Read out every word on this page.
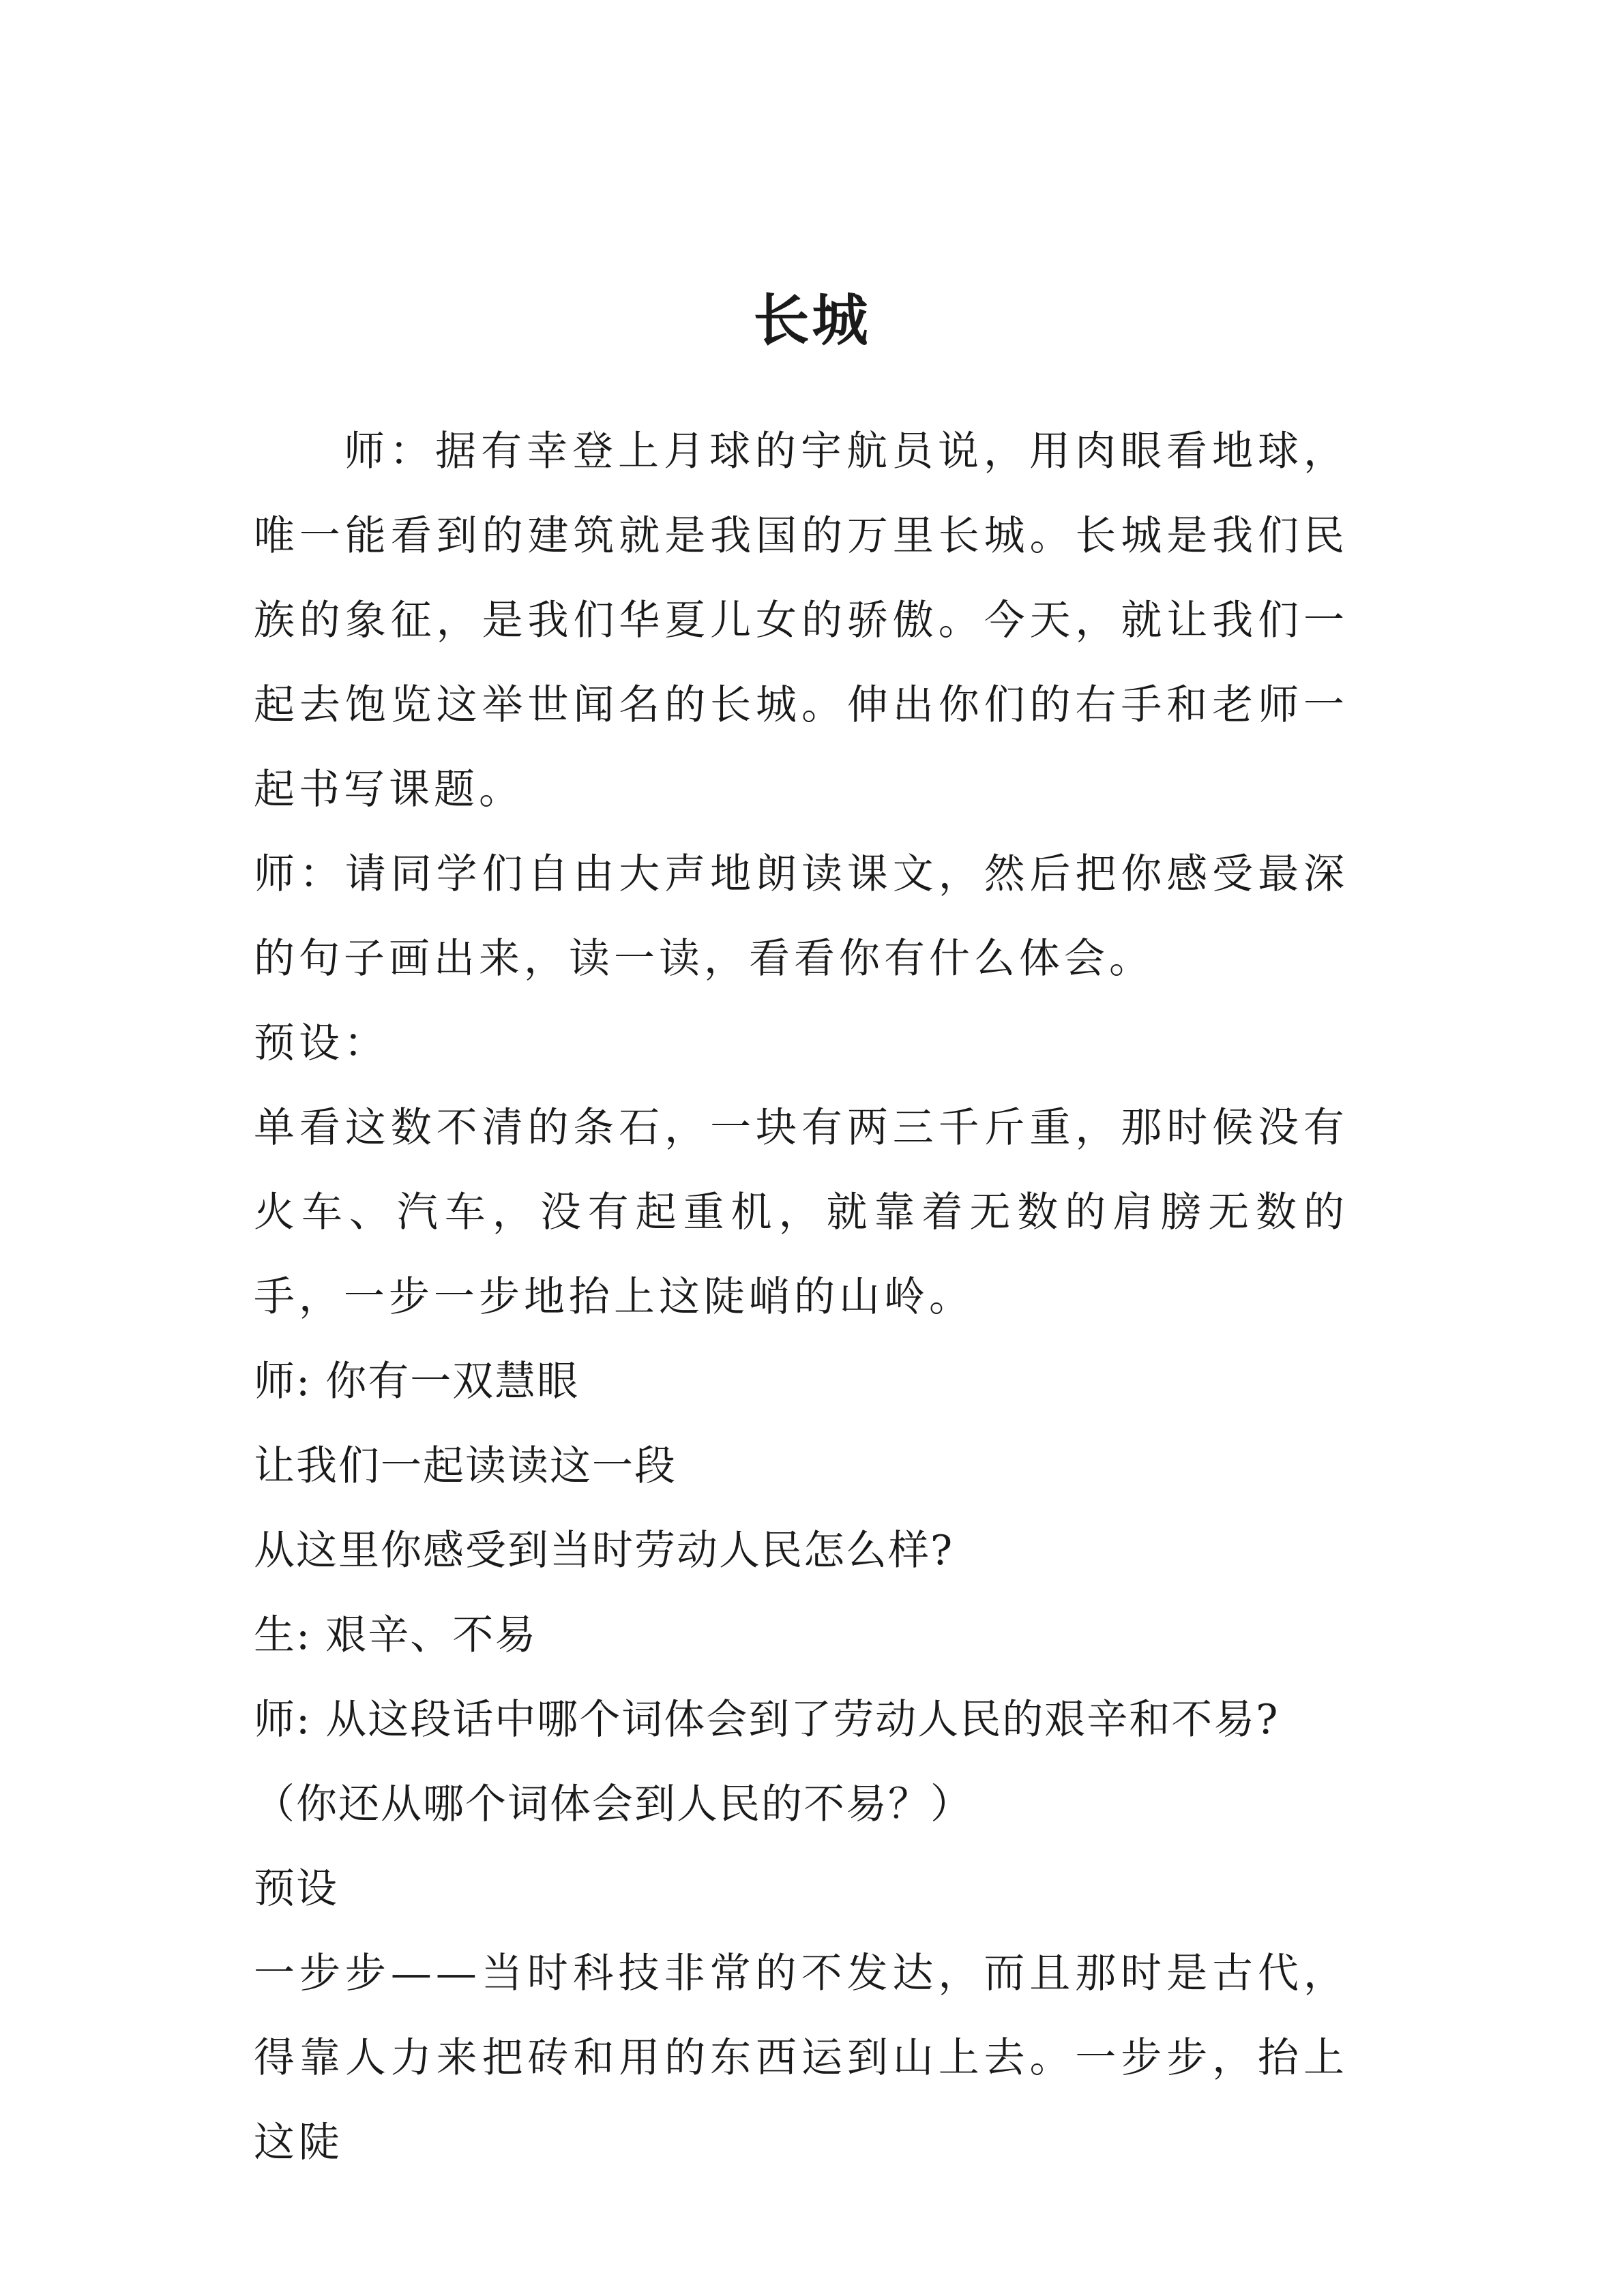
长城

师：据有幸登上月球的宇航员说，用肉眼看地球，唯一能看到的建筑就是我国的万里长城。长城是我们民族的象征，是我们华夏儿女的骄傲。今天，就让我们一起去饱览这举世闻名的长城。伸出你们的右手和老师一起书写课题。

师：请同学们自由大声地朗读课文，然后把你感受最深的句子画出来，读一读，看看你有什么体会。

预设：

单看这数不清的条石，一块有两三千斤重，那时候没有火车、汽车，没有起重机，就靠着无数的肩膀无数的手，一步一步地抬上这陡峭的山岭。

师: 你有一双慧眼

让我们一起读读这一段

从这里你感受到当时劳动人民怎么样?

生: 艰辛、不易

师: 从这段话中哪个词体会到了劳动人民的艰辛和不易?

（你还从哪个词体会到人民的不易？）

预设

一步步——当时科技非常的不发达，而且那时是古代，得靠人力来把砖和用的东西运到山上去。一步步，抬上这陡
